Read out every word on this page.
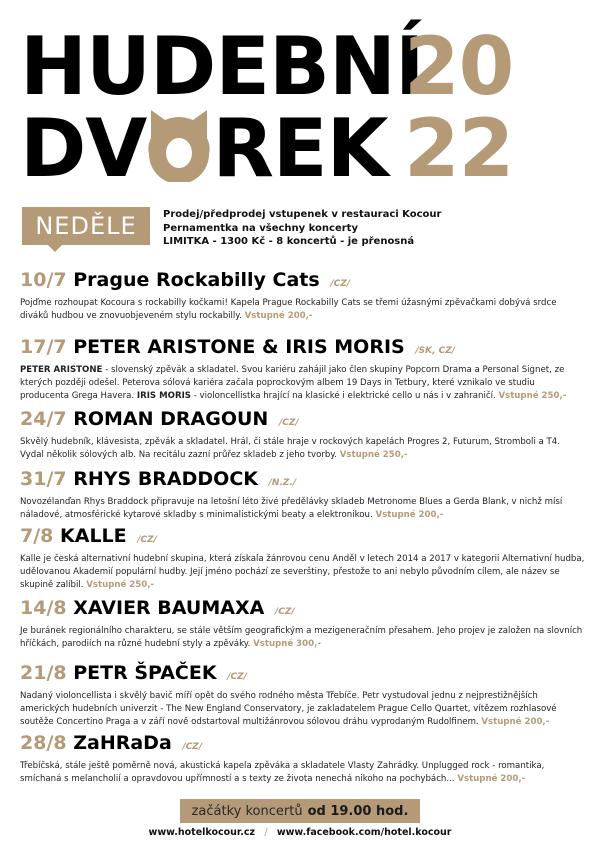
HUDEBNÍ
DV REK
20
22
NEDĚLE	Prodej/předprodej vstupenek v restauraci Kocour
Pernamentka na všechny koncerty
LIMITKA - 1300 Kč - 8 koncertů - je přenosná
10/7 Prague Rockabilly Cats /CZ/
Pojďme rozhoupat Kocoura s rockabilly kočkami! Kapela Prague Rockabilly Cats se třemi úžasnými zpěvačkami dobývá srdce diváků hudbou ve znovuobjeveném stylu rockabilly. Vstupné 200,-
17/7 PETER ARISTONE & IRIS MORIS /SK, CZ/
PETER ARISTONE - slovenský zpěvák a skladatel. Svou kariéru zahájil jako člen skupiny Popcorn Drama a Personal Signet, ze kterých později odešel. Peterova sólová kariéra začala poprockovým albem 19 Days in Tetbury, které vznikalo ve studiu producenta Grega Havera. IRIS MORIS - violoncellistka hrající na klasické i elektrické cello u nás i v zahraničí. Vstupné 250,-
24/7 ROMAN DRAGOUN /CZ/
Skvělý hudebník, klávesista, zpěvák a skladatel. Hrál, či stále hraje v rockových kapelách Progres 2, Futurum, Stromboli a T4. Vydal několik sólových alb. Na recitálu zazní průřez skladeb z jeho tvorby. Vstupné 250,-
31/7 RHYS BRADDOCK /N.Z./
Novozélanďan Rhys Braddock připravuje na letošní léto živé předělávky skladeb Metronome Blues a Gerda Blank, v nichž mísí náladové, atmosférické kytarové skladby s minimalistickými beaty a elektronikou. Vstupné 200,-
7/8 KALLE /CZ/
Kalle je česká alternativní hudební skupina, která získala žánrovou cenu Anděl v letech 2014 a 2017 v kategorii Alternativní hudba, udělovanou Akademií populární hudby. Její jméno pochází ze severštiny, přestože to ani nebylo původním cílem, ale název se skupině zalíbil. Vstupné 250,-
14/8 XAVIER BAUMAXA /CZ/
Je buránek regionálního charakteru, se stále větším geografickým a mezigeneračním přesahem. Jeho projev je založen na slovních hříčkách, parodiích na různé hudební styly a zpěváky. Vstupné 300,-
21/8 PETR ŠPAČEK /CZ/
Nadaný violoncellista i skvělý bavič míří opět do svého rodného města Třebíče. Petr vystudoval jednu z nejprestižnějších amerických hudebních univerzit - The New England Conservatory, je zakladatelem Prague Cello Quartet, vítězem rozhlasové soutěže Concertino Praga a v září nově odstartoval multižánrovou sólovou dráhu vyprodaným Rudolfinem. Vstupné 200,-
28/8 ZaHRaDa /CZ/
Třebíčská, stále ještě poměrně nová, akustická kapela zpěváka a skladatele Vlasty Zahrádky. Unplugged rock - romantika, smíchaná s melancholií a opravdovou upřímností a s texty ze života nenechá nikoho na pochybách... Vstupné 200,-
začátky koncertů od 19.00 hod.
www.hotelkocour.cz / www.facebook.com/hotel.kocour
